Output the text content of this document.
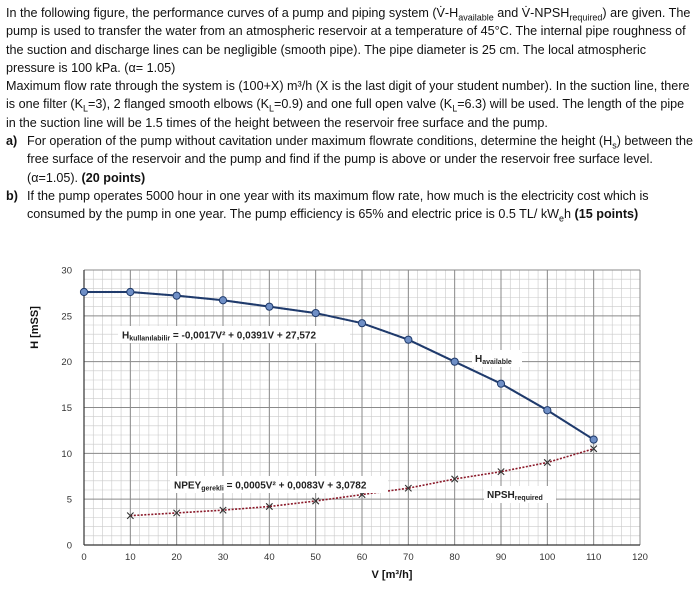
In the following figure, the performance curves of a pump and piping system ($V̇-H_{available}$ and $V̇-NPSH_{required}$) are given. The pump is used to transfer the water from an atmospheric reservoir at a temperature of 45°C. The internal pipe roughness of the suction and discharge lines can be negligible (smooth pipe). The pipe diameter is 25 cm. The local atmospheric pressure is 100 kPa. (α= 1.05)

Maximum flow rate through the system is (100+X) m³/h (X is the last digit of your student number). In the suction line, there is one filter $(K_L=3)$, 2 flanged smooth elbows $(K_L=0.9)$ and one full open valve $(K_L=6.3)$ will be used. The length of the pipe in the suction line will be 1.5 times of the height between the reservoir free surface and the pump.

a) For operation of the pump without cavitation under maximum flowrate conditions, determine the height $(H_s)$ between the free surface of the reservoir and the pump and find if the pump is above or under the reservoir free surface level. (α=1.05). (20 points)

b) If the pump operates 5000 hour in one year with its maximum flow rate, how much is the electricity cost which is consumed by the pump in one year. The pump efficiency is 65% and electric price is 0.5 TL/ $kW_eh$ (15 points)

0	10	20	30	40	50	60	70	80	90	100	110	120
0
5
10
15
20
25
30
V [m³/h]
H [mSS]	$H_{kullanılabilir} = -0,0017V^2 + 0,0391V + 27,572$
$NPEY_{gerekli} = 0,0005V^2 + 0,0083V + 3,0782$
$H_{available}$
$NPSH_{required}$
